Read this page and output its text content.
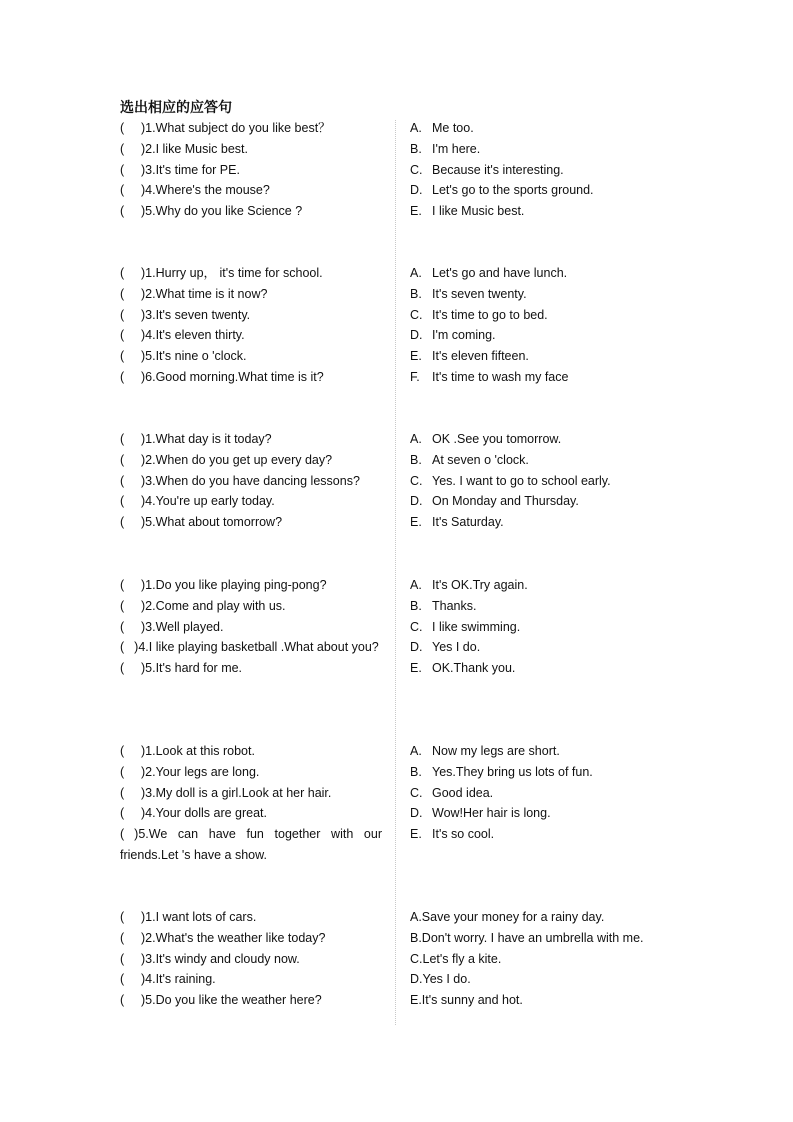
选出相应的应答句
( )1.What subject do you like best？
( )2.I like Music best.
( )3.It's time for PE.
( )4.Where's the mouse?
( )5.Why do you like Science ?
A. Me too.
B. I'm here.
C. Because it's interesting.
D. Let's go to the sports ground.
E. I like Music best.
( )1.Hurry up， it's time for school.
( )2.What time is it now?
( )3.It's seven twenty.
( )4.It's eleven thirty.
( )5.It's nine o 'clock.
( )6.Good morning.What time is it?
A. Let's go and have lunch.
B. It's seven twenty.
C. It's time to go to bed.
D. I'm coming.
E. It's eleven fifteen.
F. It's time to wash my face
( )1.What day is it today?
( )2.When do you get up every day?
( )3.When do you have dancing lessons?
( )4.You're up early today.
( )5.What about tomorrow?
A. OK .See you tomorrow.
B. At seven o 'clock.
C. Yes. I want to go to school early.
D. On Monday and Thursday.
E. It's Saturday.
( )1.Do you like playing ping-pong?
( )2.Come and play with us.
( )3.Well played.
( )4.I like playing basketball .What about you?
( )5.It's hard for me.
A. It's OK.Try again.
B. Thanks.
C. I like swimming.
D. Yes I do.
E. OK.Thank you.
( )1.Look at this robot.
( )2.Your legs are long.
( )3.My doll is a girl.Look at her hair.
( )4.Your dolls are great.
( )5.We can have fun together with our friends.Let 's have a show.
A. Now my legs are short.
B. Yes.They bring us lots of fun.
C. Good idea.
D. Wow!Her hair is long.
E. It's so cool.
( )1.I want lots of cars.
( )2.What's the weather like today?
( )3.It's windy and cloudy now.
( )4.It's raining.
( )5.Do you like the weather here?
A.Save your money for a rainy day.
B.Don't worry. I have an umbrella with me.
C.Let's fly a kite.
D.Yes I do.
E.It's sunny and hot.
